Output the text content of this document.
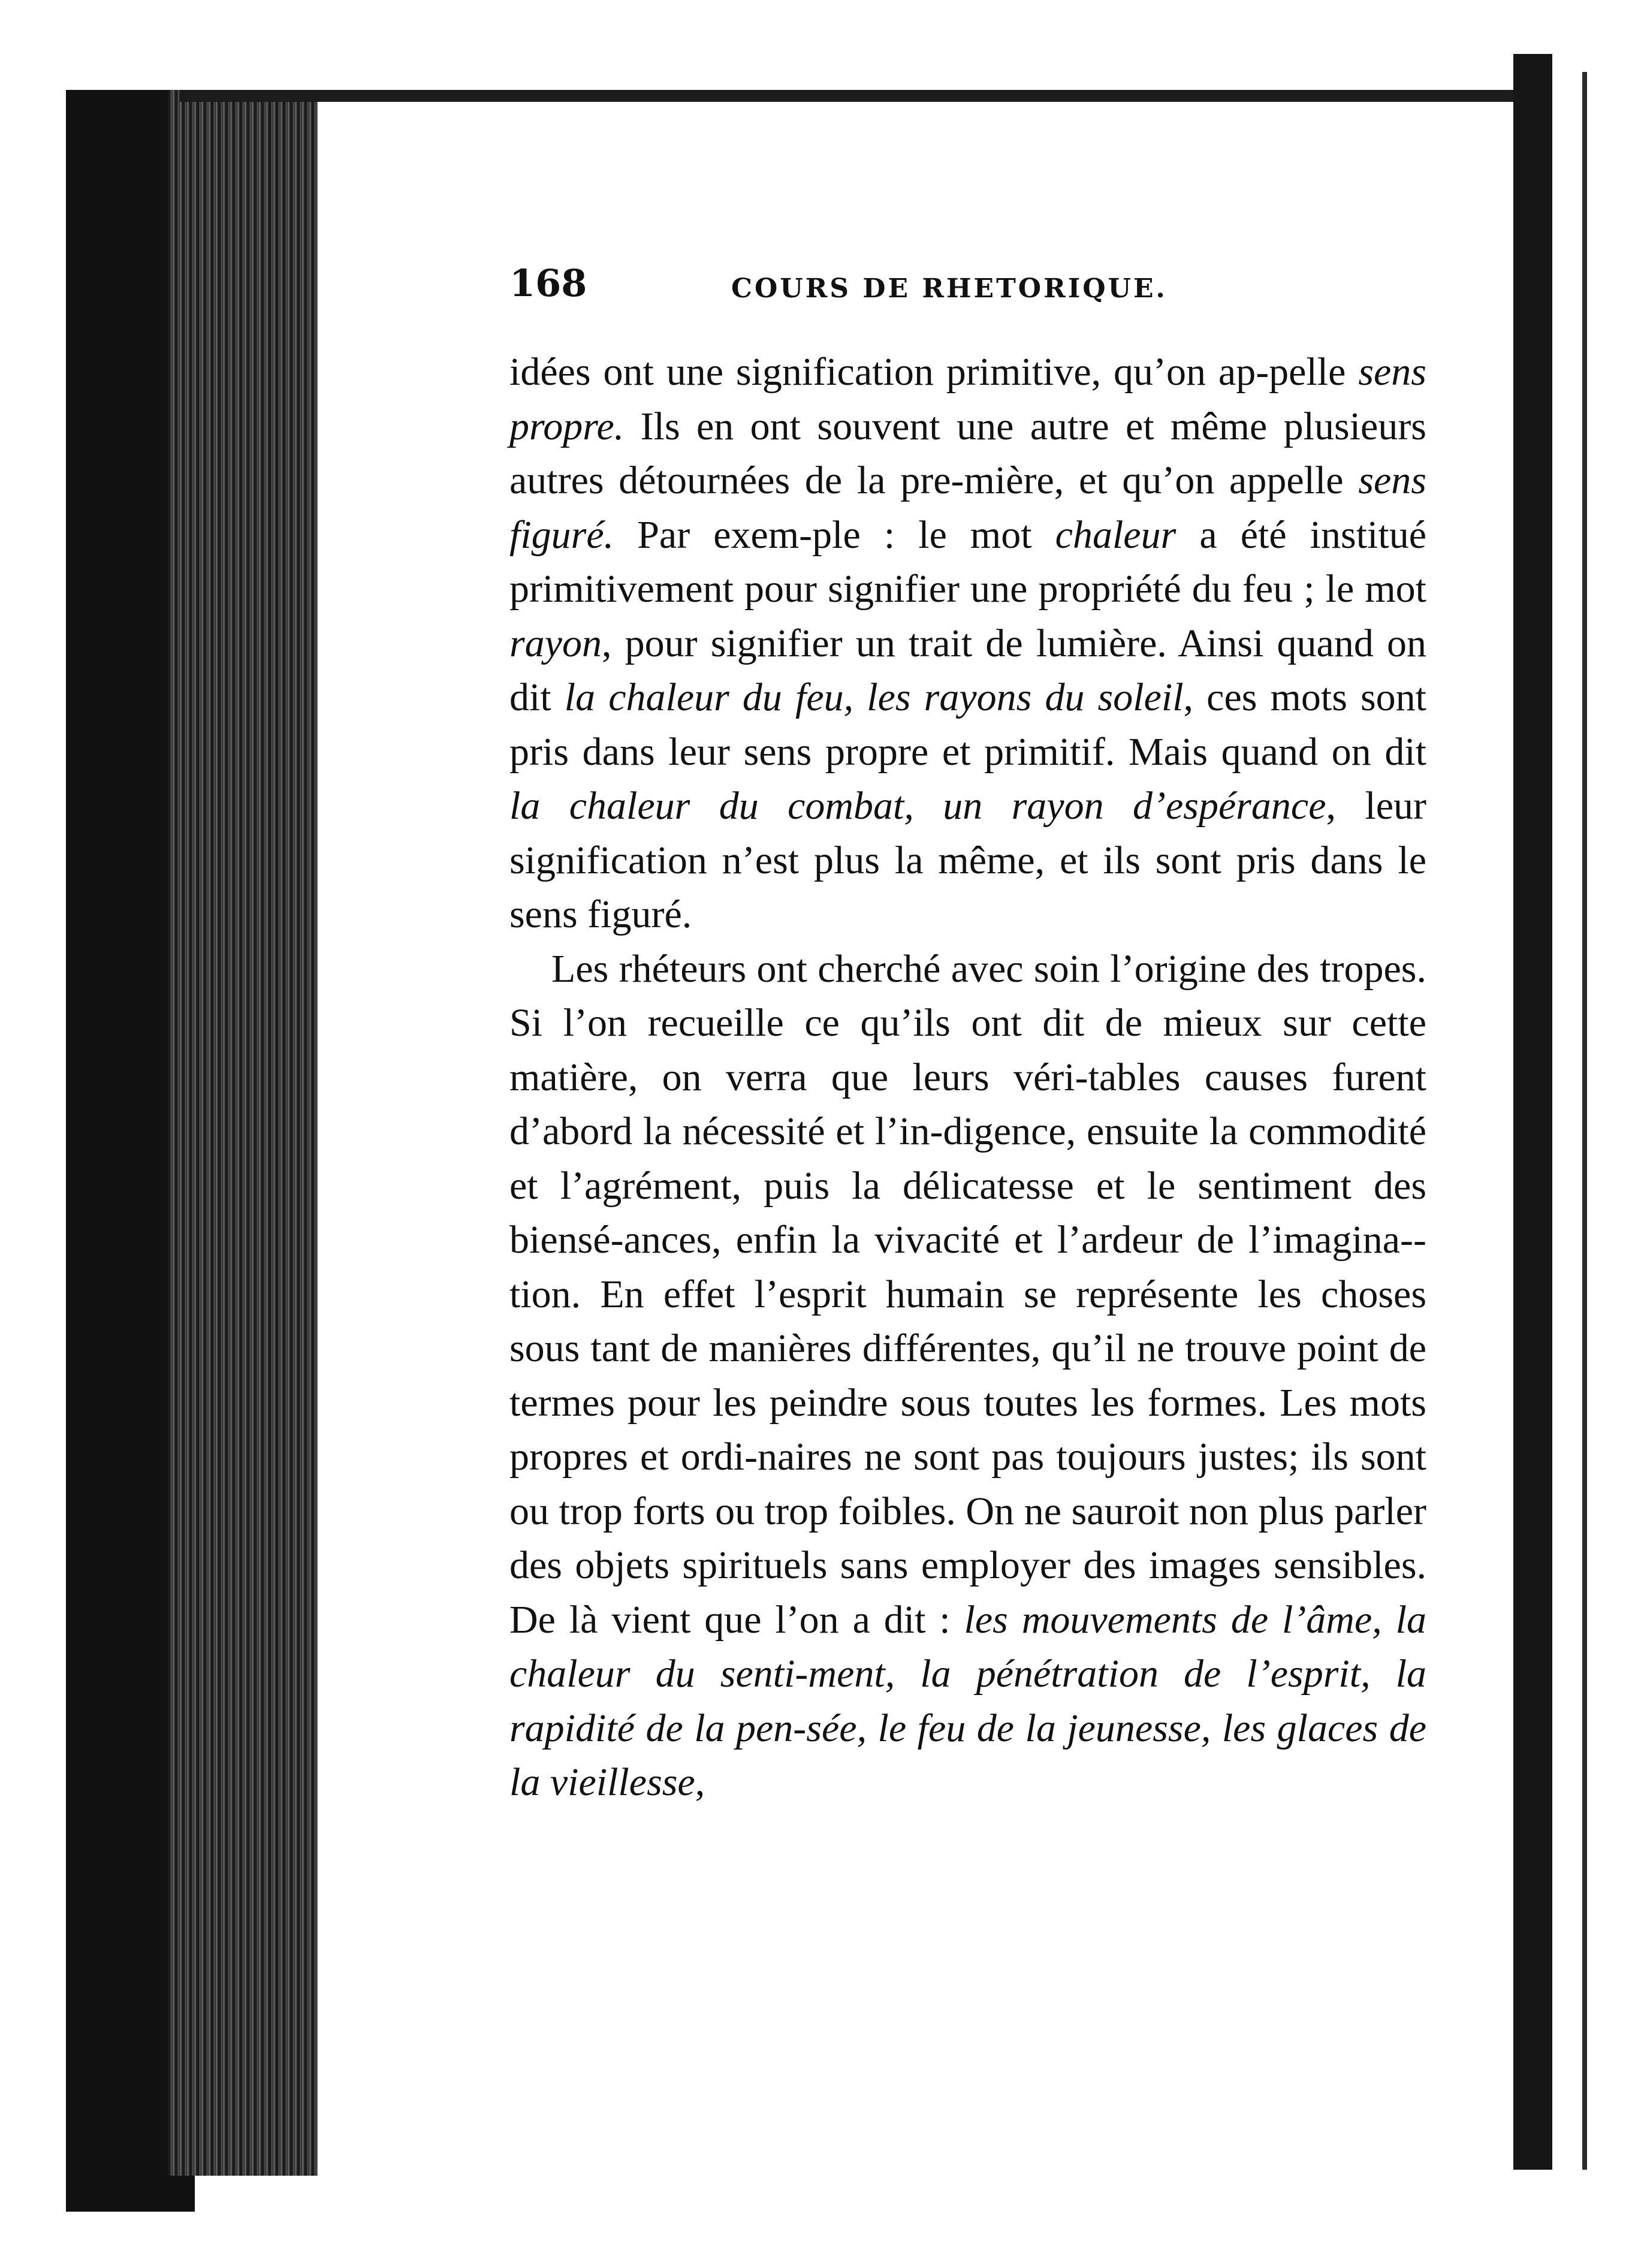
168	COURS DE RHETORIQUE.

idées ont une signification primitive, qu’on ap-pelle sens propre. Ils en ont souvent une autre et même plusieurs autres détournées de la pre-mière, et qu’on appelle sens figuré. Par exem-ple : le mot chaleur a été institué primitivement pour signifier une propriété du feu ; le mot rayon, pour signifier un trait de lumière. Ainsi quand on dit la chaleur du feu, les rayons du soleil, ces mots sont pris dans leur sens propre et primitif. Mais quand on dit la chaleur du combat, un rayon d’espérance, leur signification n’est plus la même, et ils sont pris dans le sens figuré.

Les rhéteurs ont cherché avec soin l’origine des tropes. Si l’on recueille ce qu’ils ont dit de mieux sur cette matière, on verra que leurs véri-tables causes furent d’abord la nécessité et l’in-digence, ensuite la commodité et l’agrément, puis la délicatesse et le sentiment des biensé-ances, enfin la vivacité et l’ardeur de l’imagina-tion. En effet l’esprit humain se représente les choses sous tant de manières différentes, qu’il ne trouve point de termes pour les peindre sous toutes les formes. Les mots propres et ordi-naires ne sont pas toujours justes; ils sont ou trop forts ou trop foibles. On ne sauroit non plus parler des objets spirituels sans employer des images sensibles. De là vient que l’on a dit : les mouvements de l’âme, la chaleur du senti-ment, la pénétration de l’esprit, la rapidité de la pen-sée, le feu de la jeunesse, les glaces de la vieillesse,
